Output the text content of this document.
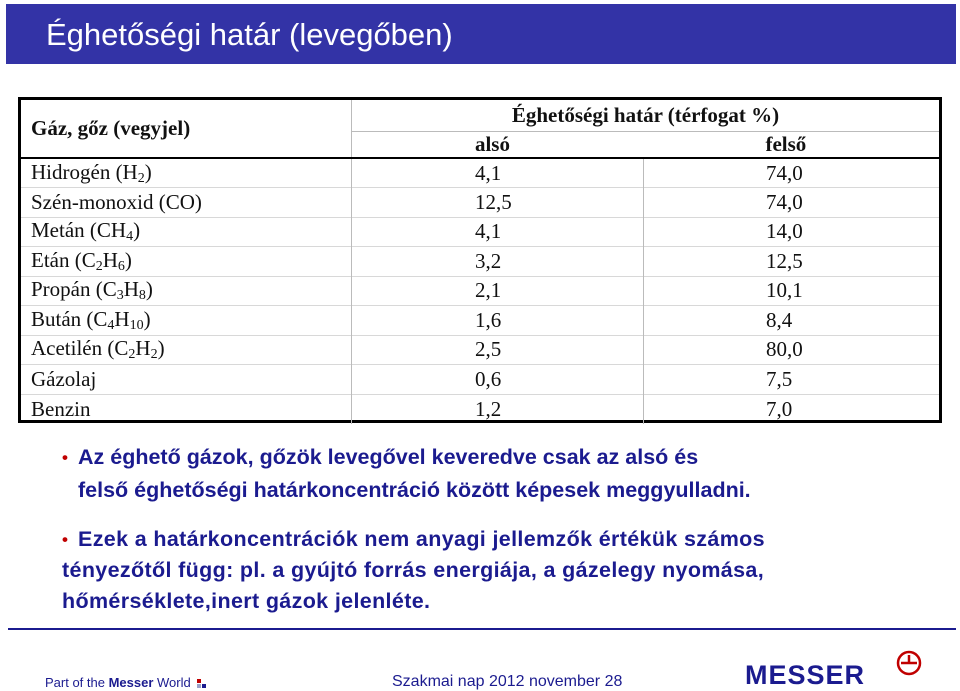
Éghetőségi határ (levegőben)
Gáz, gőz (vegyjel)	Éghetőségi határ (térfogat %)	
	alsó	felső
Hidrogén $(H_2)$	4,1	74,0
Szén-monoxid (CO)	12,5	74,0
Metán $(CH_4)$	4,1	14,0
Etán $(C_2H_6)$	3,2	12,5
Propán $(C_3H_8)$	2,1	10,1
Bután $(C_4H_{10})$	1,6	8,4
Acetilén $(C_2H_2)$	2,5	80,0
Gázolaj	0,6	7,5
Benzin	1,2	7,0
• Az éghető gázok, gőzök levegővel keveredve csak az alsó és
felső éghetőségi határkoncentráció között képesek meggyulladni.
• Ezek a határkoncentrációk nem anyagi jellemzők értékük számos
tényezőtől függ: pl. a gyújtó forrás energiája, a gázelegy nyomása,
hőmérséklete,inert gázok jelenléte.
Part of the Messer World	Szakmai nap 2012 november 28	MESSER
